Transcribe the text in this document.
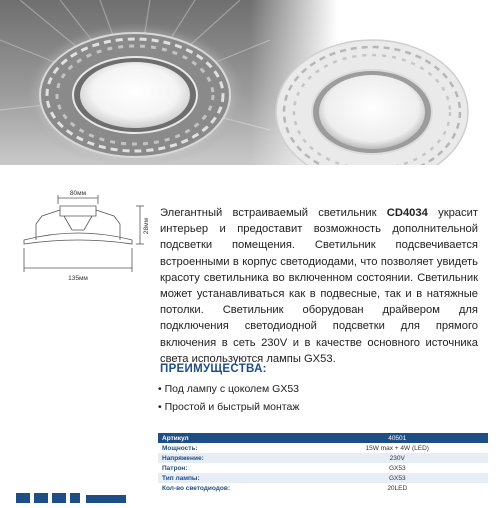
80мм
28мм
135мм
Элегантный встраиваемый светильник CD4034 украсит интерьер и предоставит возможность дополнительной подсветки помещения. Светильник подсвечивается встроенными в корпус светодиодами, что позволяет увидеть красоту светильника во включенном состоянии. Светильник может устанавливаться как в подвесные, так и в натяжные потолки. Светильник оборудован драйвером для подключения светодиодной подсветки для прямого включения в сеть 230V и в качестве основного источника света используются лампы GX53.
ПРЕИМУЩЕСТВА:
• Под лампу с цоколем GX53
• Простой и быстрый монтаж
Артикул	40501
Мощность:	15W max + 4W (LED)
Напряжение:	230V
Патрон:	GX53
Тип лампы:	GX53
Кол-во светодиодов:	20LED
